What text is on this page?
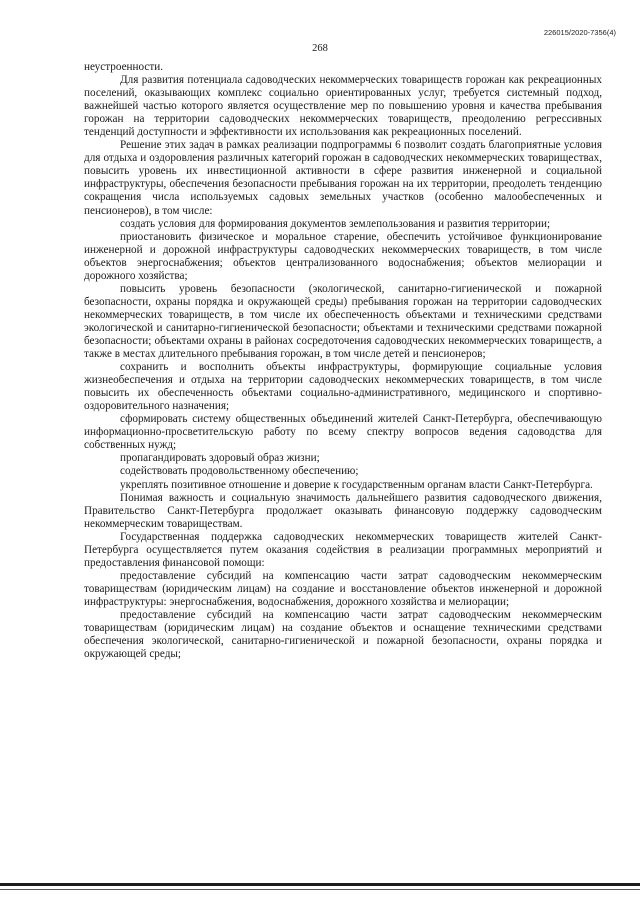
226015/2020-7356(4)
268

неустроенности.

Для развития потенциала садоводческих некоммерческих товариществ горожан как рекреационных поселений, оказывающих комплекс социально ориентированных услуг, требуется системный подход, важнейшей частью которого является осуществление мер по повышению уровня и качества пребывания горожан на территории садоводческих некоммерческих товариществ, преодолению регрессивных тенденций доступности и эффективности их использования как рекреационных поселений.

Решение этих задач в рамках реализации подпрограммы 6 позволит создать благоприятные условия для отдыха и оздоровления различных категорий горожан в садоводческих некоммерческих товариществах, повысить уровень их инвестиционной активности в сфере развития инженерной и социальной инфраструктуры, обеспечения безопасности пребывания горожан на их территории, преодолеть тенденцию сокращения числа используемых садовых земельных участков (особенно малообеспеченных и пенсионеров), в том числе:

создать условия для формирования документов землепользования и развития территории;

приостановить физическое и моральное старение, обеспечить устойчивое функционирование инженерной и дорожной инфраструктуры садоводческих некоммерческих товариществ, в том числе объектов энергоснабжения; объектов централизованного водоснабжения; объектов мелиорации и дорожного хозяйства;

повысить уровень безопасности (экологической, санитарно-гигиенической и пожарной безопасности, охраны порядка и окружающей среды) пребывания горожан на территории садоводческих некоммерческих товариществ, в том числе их обеспеченность объектами и техническими средствами экологической и санитарно-гигиенической безопасности; объектами и техническими средствами пожарной безопасности; объектами охраны в районах сосредоточения садоводческих некоммерческих товариществ, а также в местах длительного пребывания горожан, в том числе детей и пенсионеров;

сохранить и восполнить объекты инфраструктуры, формирующие социальные условия жизнеобеспечения и отдыха на территории садоводческих некоммерческих товариществ, в том числе повысить их обеспеченность объектами социально-административного, медицинского и спортивно-оздоровительного назначения;

сформировать систему общественных объединений жителей Санкт-Петербурга, обеспечивающую информационно-просветительскую работу по всему спектру вопросов ведения садоводства для собственных нужд;

пропагандировать здоровый образ жизни;

содействовать продовольственному обеспечению;

укреплять позитивное отношение и доверие к государственным органам власти Санкт-Петербурга.

Понимая важность и социальную значимость дальнейшего развития садоводческого движения, Правительство Санкт-Петербурга продолжает оказывать финансовую поддержку садоводческим некоммерческим товариществам.

Государственная поддержка садоводческих некоммерческих товариществ жителей Санкт-Петербурга осуществляется путем оказания содействия в реализации программных мероприятий и предоставления финансовой помощи:

предоставление субсидий на компенсацию части затрат садоводческим некоммерческим товариществам (юридическим лицам) на создание и восстановление объектов инженерной и дорожной инфраструктуры: энергоснабжения, водоснабжения, дорожного хозяйства и мелиорации;

предоставление субсидий на компенсацию части затрат садоводческим некоммерческим товариществам (юридическим лицам) на создание объектов и оснащение техническими средствами обеспечения экологической, санитарно-гигиенической и пожарной безопасности, охраны порядка и окружающей среды;
